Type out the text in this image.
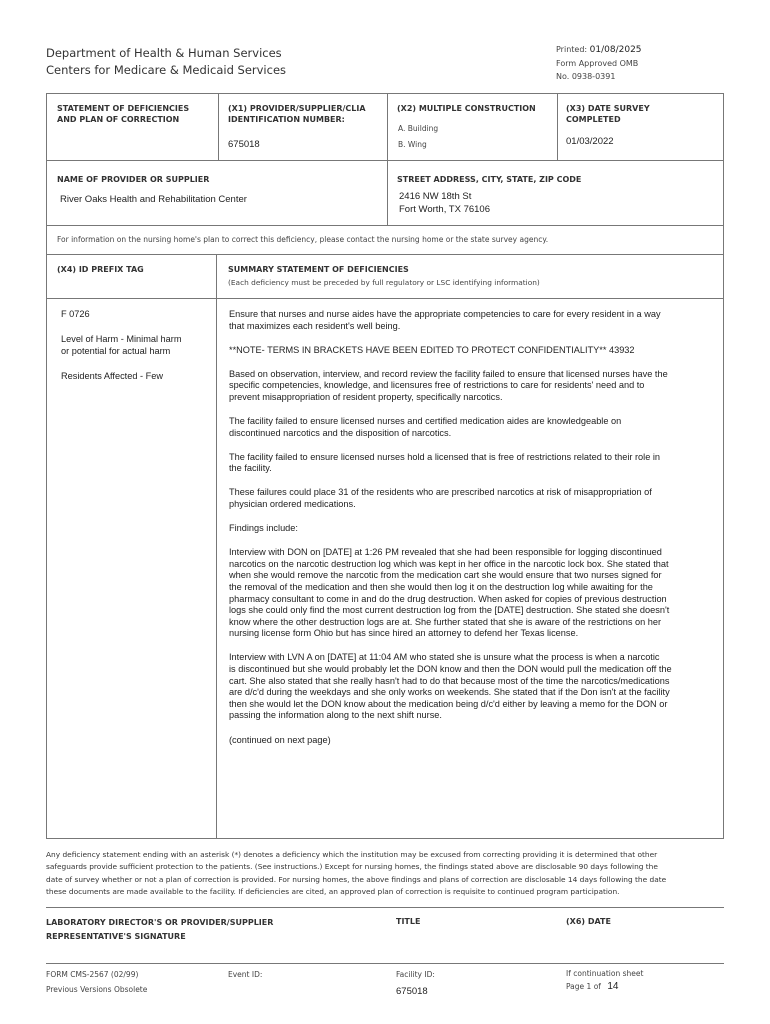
Department of Health & Human Services
Centers for Medicare & Medicaid Services
Printed: 01/08/2025
Form Approved OMB
No. 0938-0391
STATEMENT OF DEFICIENCIES
AND PLAN OF CORRECTION
(X1) PROVIDER/SUPPLIER/CLIA
IDENTIFICATION NUMBER:
675018
(X2) MULTIPLE CONSTRUCTION
A. Building
B. Wing
(X3) DATE SURVEY
COMPLETED
01/03/2022
NAME OF PROVIDER OR SUPPLIER
River Oaks Health and Rehabilitation Center
STREET ADDRESS, CITY, STATE, ZIP CODE
2416 NW 18th St
Fort Worth, TX 76106
For information on the nursing home's plan to correct this deficiency, please contact the nursing home or the state survey agency.
(X4) ID PREFIX TAG	SUMMARY STATEMENT OF DEFICIENCIES
(Each deficiency must be preceded by full regulatory or LSC identifying information)
F 0726
Level of Harm - Minimal harm
or potential for actual harm
Residents Affected - Few

Ensure that nurses and nurse aides have the appropriate competencies to care for every resident in a way
that maximizes each resident's well being.

**NOTE- TERMS IN BRACKETS HAVE BEEN EDITED TO PROTECT CONFIDENTIALITY** 43932

Based on observation, interview, and record review the facility failed to ensure that licensed nurses have the
specific competencies, knowledge, and licensures free of restrictions to care for residents' need and to
prevent misappropriation of resident property, specifically narcotics.

The facility failed to ensure licensed nurses and certified medication aides are knowledgeable on
discontinued narcotics and the disposition of narcotics.

The facility failed to ensure licensed nurses hold a licensed that is free of restrictions related to their role in
the facility.

These failures could place 31 of the residents who are prescribed narcotics at risk of misappropriation of
physician ordered medications.

Findings include:

Interview with DON on [DATE] at 1:26 PM revealed that she had been responsible for logging discontinued
narcotics on the narcotic destruction log which was kept in her office in the narcotic lock box. She stated that
when she would remove the narcotic from the medication cart she would ensure that two nurses signed for
the removal of the medication and then she would then log it on the destruction log while awaiting for the
pharmacy consultant to come in and do the drug destruction. When asked for copies of previous destruction
logs she could only find the most current destruction log from the [DATE] destruction. She stated she doesn't
know where the other destruction logs are at. She further stated that she is aware of the restrictions on her
nursing license form Ohio but has since hired an attorney to defend her Texas license.

Interview with LVN A on [DATE] at 11:04 AM who stated she is unsure what the process is when a narcotic
is discontinued but she would probably let the DON know and then the DON would pull the medication off the
cart. She also stated that she really hasn't had to do that because most of the time the narcotics/medications
are d/c'd during the weekdays and she only works on weekends. She stated that if the Don isn't at the facility
then she would let the DON know about the medication being d/c'd either by leaving a memo for the DON or
passing the information along to the next shift nurse.

(continued on next page)

Any deficiency statement ending with an asterisk (*) denotes a deficiency which the institution may be excused from correcting providing it is determined that other
safeguards provide sufficient protection to the patients. (See instructions.) Except for nursing homes, the findings stated above are disclosable 90 days following the
date of survey whether or not a plan of correction is provided. For nursing homes, the above findings and plans of correction are disclosable 14 days following the date
these documents are made available to the facility. If deficiencies are cited, an approved plan of correction is requisite to continued program participation.
LABORATORY DIRECTOR'S OR PROVIDER/SUPPLIER
REPRESENTATIVE'S SIGNATURE
TITLE	(X6) DATE
FORM CMS-2567 (02/99)
Previous Versions Obsolete
Event ID:	Facility ID:
675018
If continuation sheet
Page 1 of 14
